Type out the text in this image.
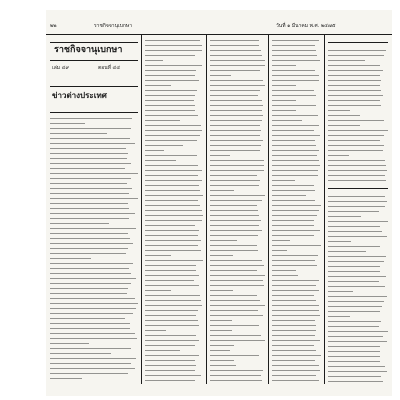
๒๒	ราชกิจจานุเบกษา	วันที่ ๑ มีนาคม พ.ศ. ๒๔๗๕
ราชกิจจานุเบกษา
เล่ม ๔๙	ตอนที่ ๔๔
ข่าวต่างประเทศ
